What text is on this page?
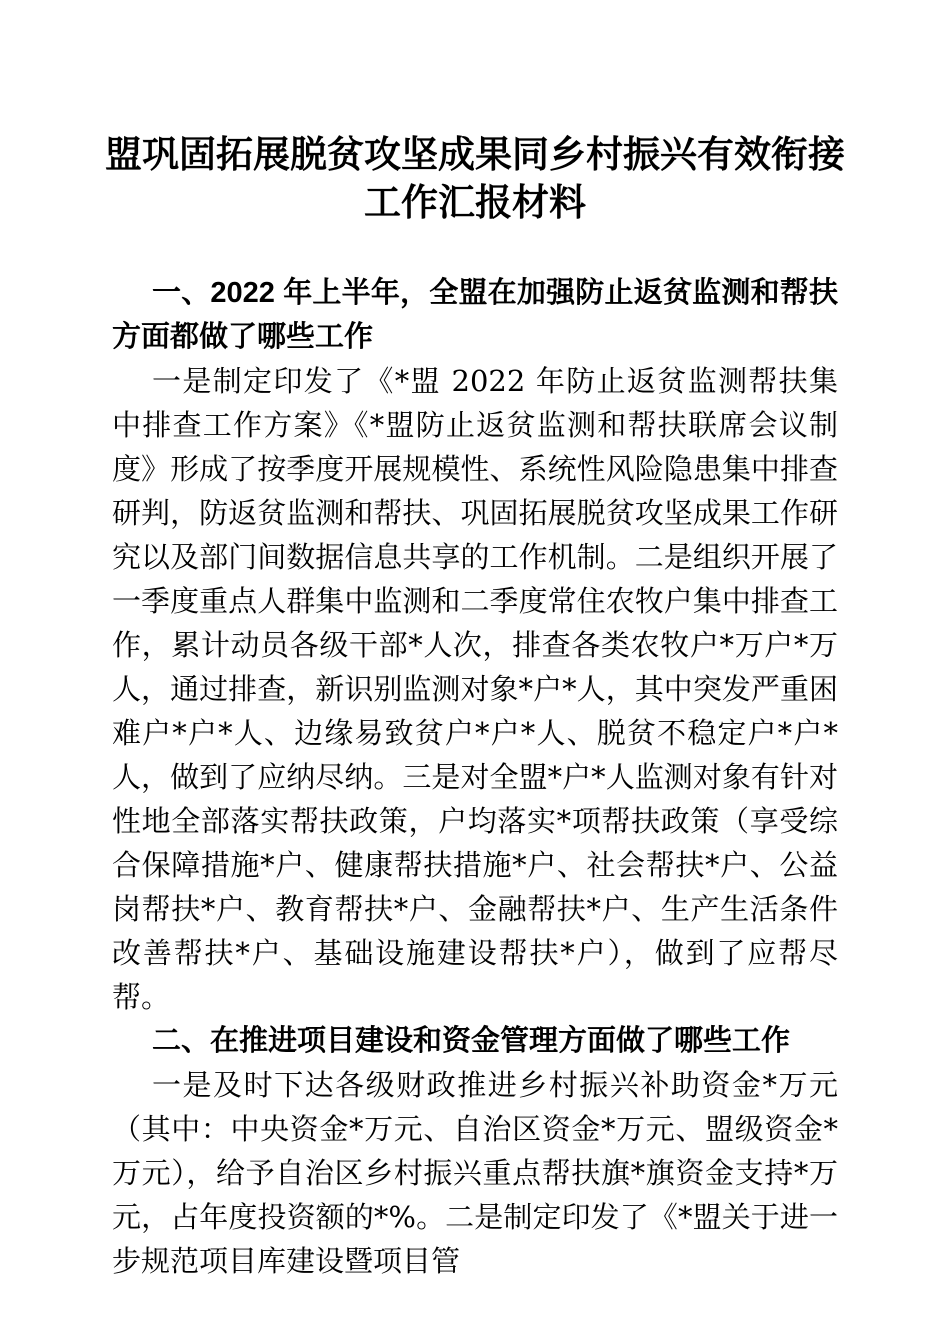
盟巩固拓展脱贫攻坚成果同乡村振兴有效衔接
工作汇报材料
一、2022 年上半年，全盟在加强防止返贫监测和帮扶方面都做了哪些工作

一是制定印发了《*盟 2022 年防止返贫监测帮扶集中排查工作方案》《*盟防止返贫监测和帮扶联席会议制度》形成了按季度开展规模性、系统性风险隐患集中排查研判，防返贫监测和帮扶、巩固拓展脱贫攻坚成果工作研究以及部门间数据信息共享的工作机制。二是组织开展了一季度重点人群集中监测和二季度常住农牧户集中排查工作，累计动员各级干部*人次，排查各类农牧户*万户*万人，通过排查，新识别监测对象*户*人，其中突发严重困难户*户*人、边缘易致贫户*户*人、脱贫不稳定户*户*人，做到了应纳尽纳。三是对全盟*户*人监测对象有针对性地全部落实帮扶政策，户均落实*项帮扶政策（享受综合保障措施*户、健康帮扶措施*户、社会帮扶*户、公益岗帮扶*户、教育帮扶*户、金融帮扶*户、生产生活条件改善帮扶*户、基础设施建设帮扶*户），做到了应帮尽帮。

二、在推进项目建设和资金管理方面做了哪些工作

一是及时下达各级财政推进乡村振兴补助资金*万元（其中：中央资金*万元、自治区资金*万元、盟级资金*万元），给予自治区乡村振兴重点帮扶旗*旗资金支持*万元，占年度投资额的*%。二是制定印发了《*盟关于进一步规范项目库建设暨项目管
